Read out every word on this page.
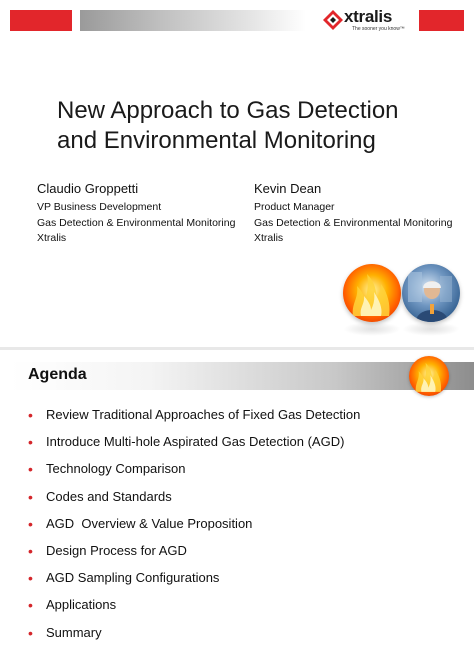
xtralis
The sooner you know™
New Approach to Gas Detection
and Environmental Monitoring
Claudio Groppetti
VP Business Development
Gas Detection & Environmental Monitoring
Xtralis
Kevin Dean
Product Manager
Gas Detection & Environmental Monitoring
Xtralis
Agenda
• Review Traditional Approaches of Fixed Gas Detection
• Introduce Multi-hole Aspirated Gas Detection (AGD)
• Technology Comparison
• Codes and Standards
• AGD  Overview & Value Proposition
• Design Process for AGD
• AGD Sampling Configurations
• Applications
• Summary
